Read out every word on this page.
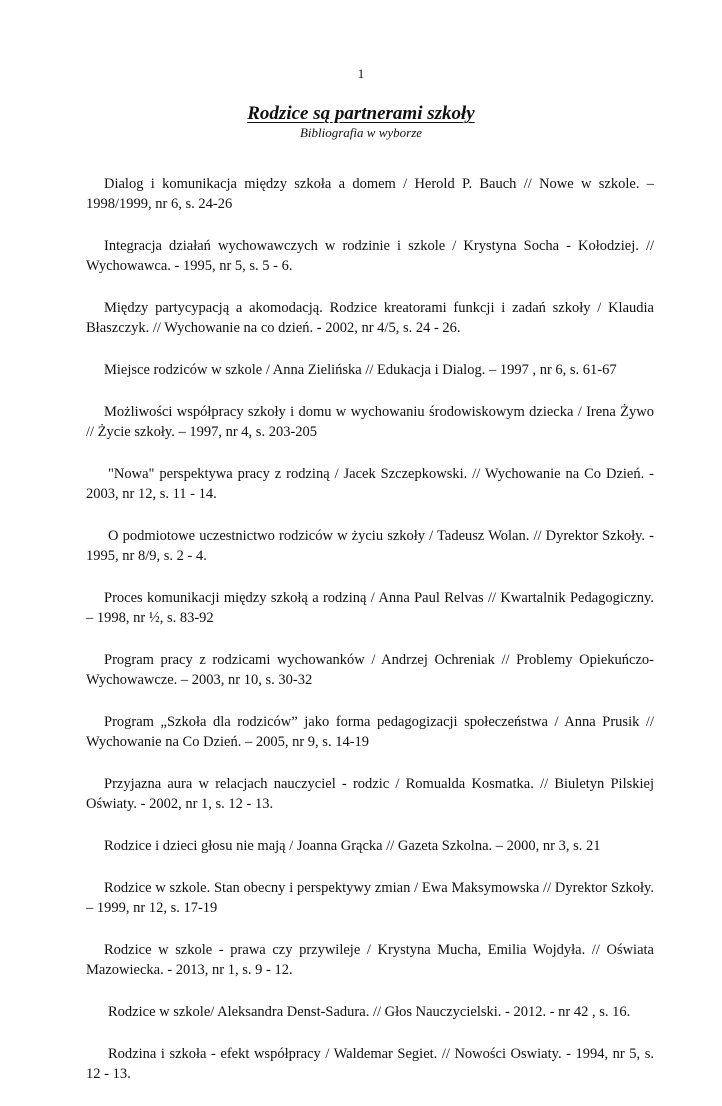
1
Rodzice są partnerami szkoły
Bibliografia w wyborze

Dialog i komunikacja między szkoła a domem / Herold P. Bauch // Nowe w szkole. – 1998/1999, nr 6, s. 24-26

Integracja działań wychowawczych w rodzinie i szkole / Krystyna Socha - Kołodziej. // Wychowawca. - 1995, nr 5, s. 5 - 6.

Między partycypacją a akomodacją. Rodzice kreatorami funkcji i zadań szkoły / Klaudia Błaszczyk. // Wychowanie na co dzień. - 2002, nr 4/5, s. 24 - 26.

Miejsce rodziców w szkole / Anna Zielińska // Edukacja i Dialog. – 1997 , nr 6, s. 61-67

Możliwości współpracy szkoły i domu w wychowaniu środowiskowym dziecka / Irena Żywo // Życie szkoły. – 1997, nr 4, s. 203-205

"Nowa" perspektywa pracy z rodziną / Jacek Szczepkowski. // Wychowanie na Co Dzień. - 2003, nr 12, s. 11 - 14.

O podmiotowe uczestnictwo rodziców w życiu szkoły / Tadeusz Wolan. // Dyrektor Szkoły. - 1995, nr 8/9, s. 2 - 4.

Proces komunikacji między szkołą a rodziną / Anna Paul Relvas // Kwartalnik Pedagogiczny. – 1998, nr ½, s. 83-92

Program pracy z rodzicami wychowanków / Andrzej Ochreniak // Problemy Opiekuńczo-Wychowawcze. – 2003, nr 10, s. 30-32

Program „Szkoła dla rodziców” jako forma pedagogizacji społeczeństwa / Anna Prusik // Wychowanie na Co Dzień. – 2005, nr 9, s. 14-19

Przyjazna aura w relacjach nauczyciel - rodzic / Romualda Kosmatka. // Biuletyn Pilskiej Oświaty. - 2002, nr 1, s. 12 - 13.

Rodzice i dzieci głosu nie mają / Joanna Grącka // Gazeta Szkolna. – 2000, nr 3, s. 21

Rodzice w szkole. Stan obecny i perspektywy zmian / Ewa Maksymowska // Dyrektor Szkoły. – 1999, nr 12, s. 17-19

Rodzice w szkole - prawa czy przywileje / Krystyna Mucha, Emilia Wojdyła. // Oświata Mazowiecka. - 2013, nr 1, s. 9 - 12.

Rodzice w szkole/ Aleksandra Denst-Sadura. // Głos Nauczycielski. - 2012. - nr 42 , s. 16.

Rodzina i szkoła - efekt współpracy / Waldemar Segiet. // Nowości Oswiaty. - 1994, nr 5, s. 12 - 13.
